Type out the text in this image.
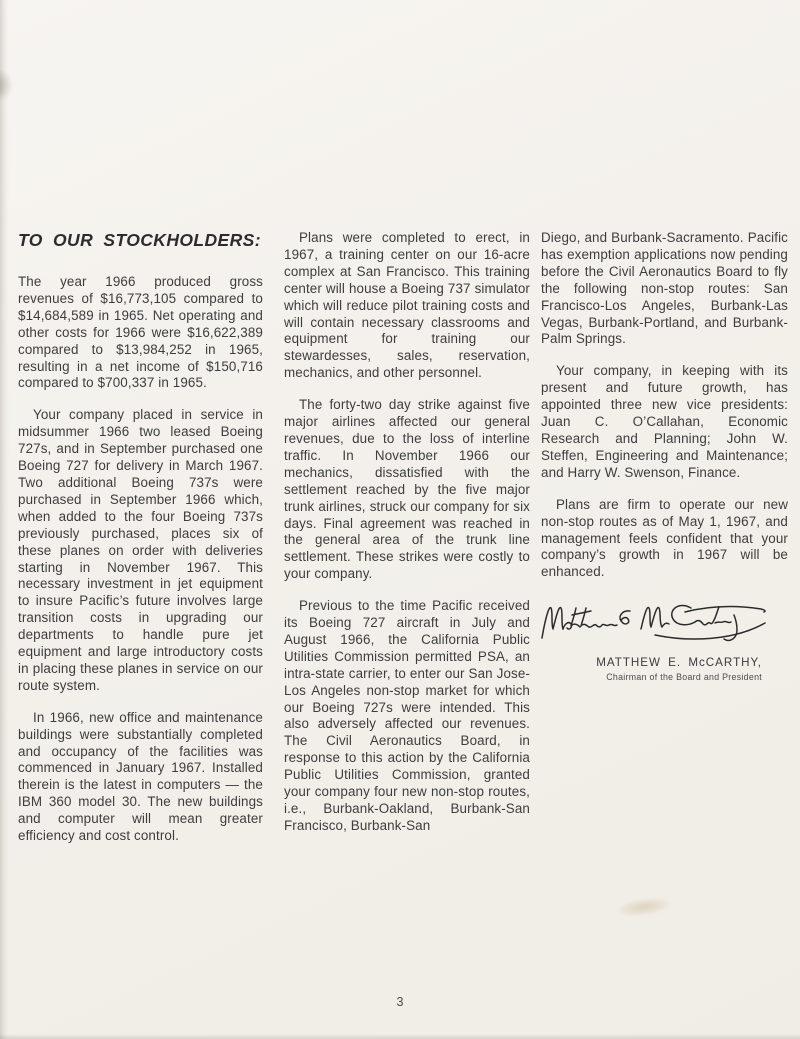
TO OUR STOCKHOLDERS:

The year 1966 produced gross revenues of $16,773,105 compared to $14,684,589 in 1965. Net operating and other costs for 1966 were $16,622,389 compared to $13,984,252 in 1965, resulting in a net income of $150,716 compared to $700,337 in 1965.

Your company placed in service in midsummer 1966 two leased Boeing 727s, and in September purchased one Boeing 727 for delivery in March 1967. Two additional Boeing 737s were purchased in September 1966 which, when added to the four Boeing 737s previously purchased, places six of these planes on order with deliveries starting in November 1967. This necessary investment in jet equipment to insure Pacific’s future involves large transition costs in upgrading our departments to handle pure jet equipment and large introductory costs in placing these planes in service on our route system.

In 1966, new office and maintenance buildings were substantially completed and occupancy of the facilities was commenced in January 1967. Installed therein is the latest in computers — the IBM 360 model 30. The new buildings and computer will mean greater efficiency and cost control.

Plans were completed to erect, in 1967, a training center on our 16-acre complex at San Francisco. This training center will house a Boeing 737 simulator which will reduce pilot training costs and will contain necessary classrooms and equipment for training our stewardesses, sales, reservation, mechanics, and other personnel.

The forty-two day strike against five major airlines affected our general revenues, due to the loss of interline traffic. In November 1966 our mechanics, dissatisfied with the settlement reached by the five major trunk airlines, struck our company for six days. Final agreement was reached in the general area of the trunk line settlement. These strikes were costly to your company.

Previous to the time Pacific received its Boeing 727 aircraft in July and August 1966, the California Public Utilities Commission permitted PSA, an intra-state carrier, to enter our San Jose-Los Angeles non-stop market for which our Boeing 727s were intended. This also adversely affected our revenues. The Civil Aeronautics Board, in response to this action by the California Public Utilities Commission, granted your company four new non-stop routes, i.e., Burbank-Oakland, Burbank-San Francisco, Burbank-San

Diego, and Burbank-Sacramento. Pacific has exemption applications now pending before the Civil Aeronautics Board to fly the following non-stop routes: San Francisco-Los Angeles, Burbank-Las Vegas, Burbank-Portland, and Burbank-Palm Springs.

Your company, in keeping with its present and future growth, has appointed three new vice presidents: Juan C. O’Callahan, Economic Research and Planning; John W. Steffen, Engineering and Maintenance; and Harry W. Swenson, Finance.

Plans are firm to operate our new non-stop routes as of May 1, 1967, and management feels confident that your company’s growth in 1967 will be enhanced.

MATTHEW E. McCARTHY,
Chairman of the Board and President
3
